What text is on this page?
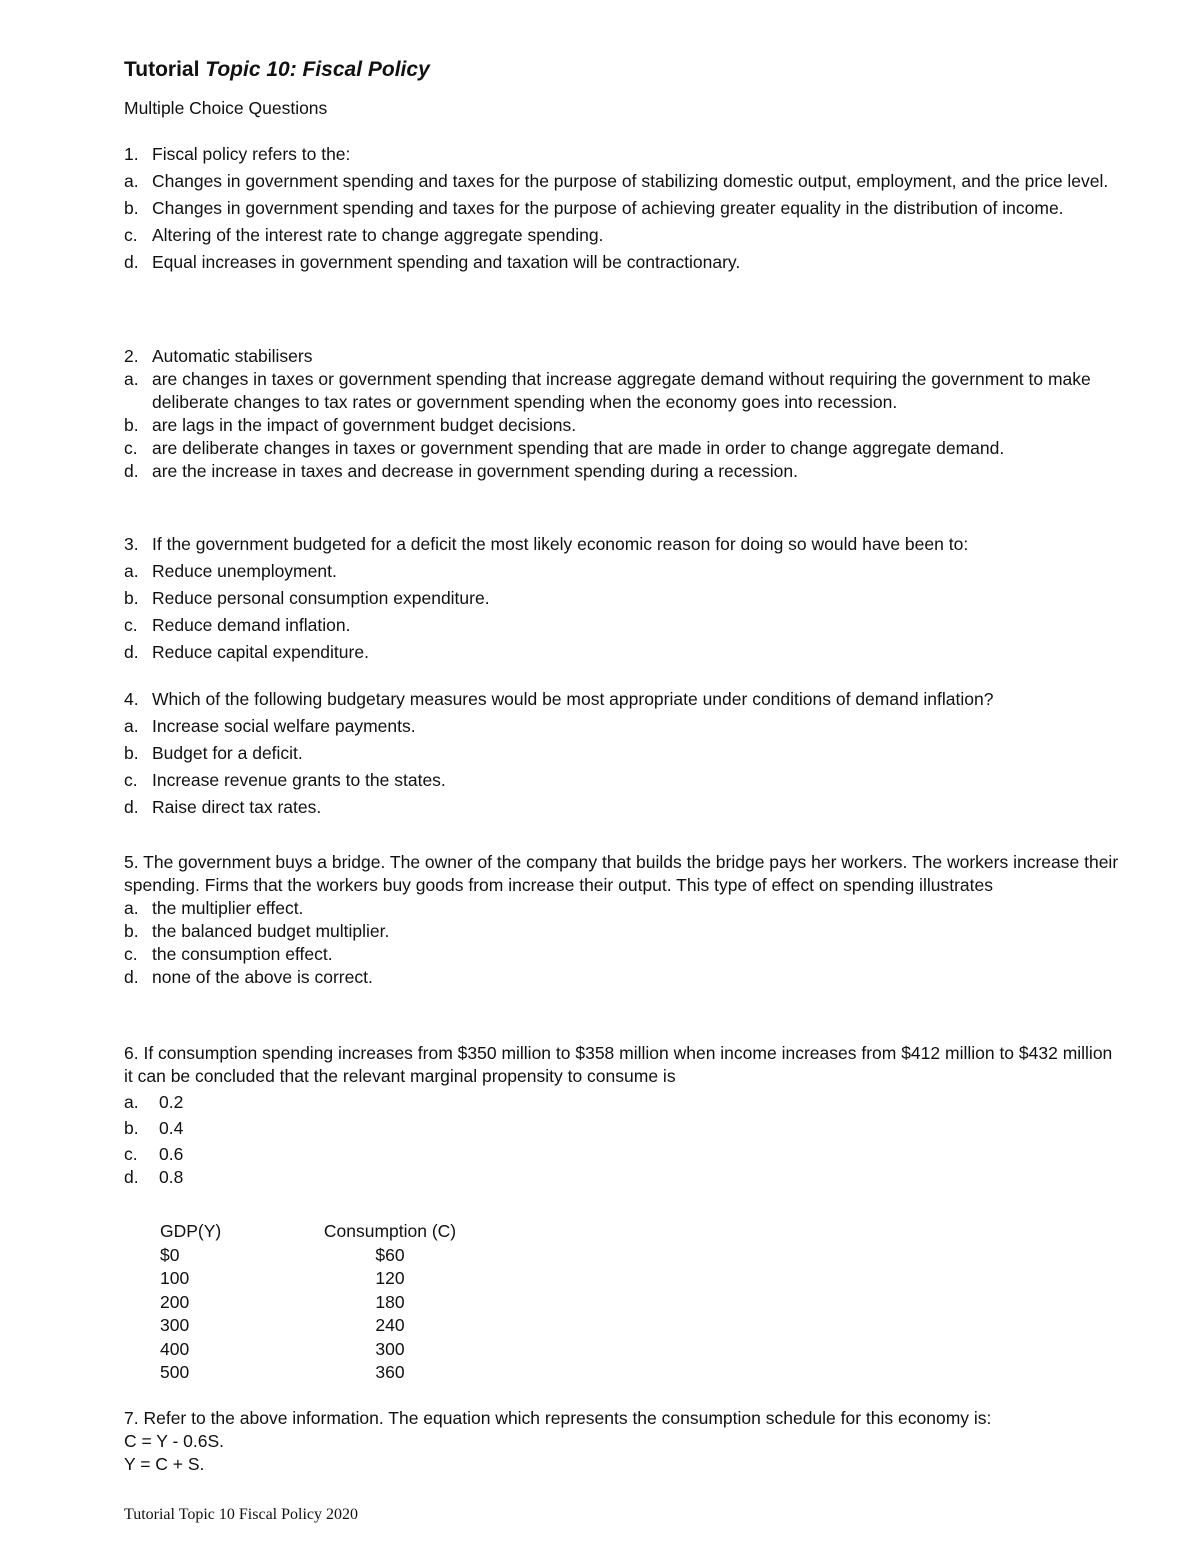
Tutorial Topic 10: Fiscal Policy
Multiple Choice Questions
1. Fiscal policy refers to the:
a. Changes in government spending and taxes for the purpose of stabilizing domestic output, employment, and the price level.
b. Changes in government spending and taxes for the purpose of achieving greater equality in the distribution of income.
c. Altering of the interest rate to change aggregate spending.
d. Equal increases in government spending and taxation will be contractionary.
2. Automatic stabilisers
a. are changes in taxes or government spending that increase aggregate demand without requiring the government to make deliberate changes to tax rates or government spending when the economy goes into recession.
b. are lags in the impact of government budget decisions.
c. are deliberate changes in taxes or government spending that are made in order to change aggregate demand.
d. are the increase in taxes and decrease in government spending during a recession.
3. If the government budgeted for a deficit the most likely economic reason for doing so would have been to:
a. Reduce unemployment.
b. Reduce personal consumption expenditure.
c. Reduce demand inflation.
d. Reduce capital expenditure.
4. Which of the following budgetary measures would be most appropriate under conditions of demand inflation?
a. Increase social welfare payments.
b. Budget for a deficit.
c. Increase revenue grants to the states.
d. Raise direct tax rates.
5. The government buys a bridge. The owner of the company that builds the bridge pays her workers. The workers increase their spending. Firms that the workers buy goods from increase their output. This type of effect on spending illustrates
a. the multiplier effect.
b. the balanced budget multiplier.
c. the consumption effect.
d. none of the above is correct.
6. If consumption spending increases from $350 million to $358 million when income increases from $412 million to $432 million it can be concluded that the relevant marginal propensity to consume is
a.	0.2
b.	0.4
c.	0.6
d.	0.8
GDP(Y)	Consumption (C)
$0	$60
100	120
200	180
300	240
400	300
500	360
7. Refer to the above information. The equation which represents the consumption schedule for this economy is:
C = Y - 0.6S.
Y = C + S.
Tutorial Topic 10 Fiscal Policy 2020
